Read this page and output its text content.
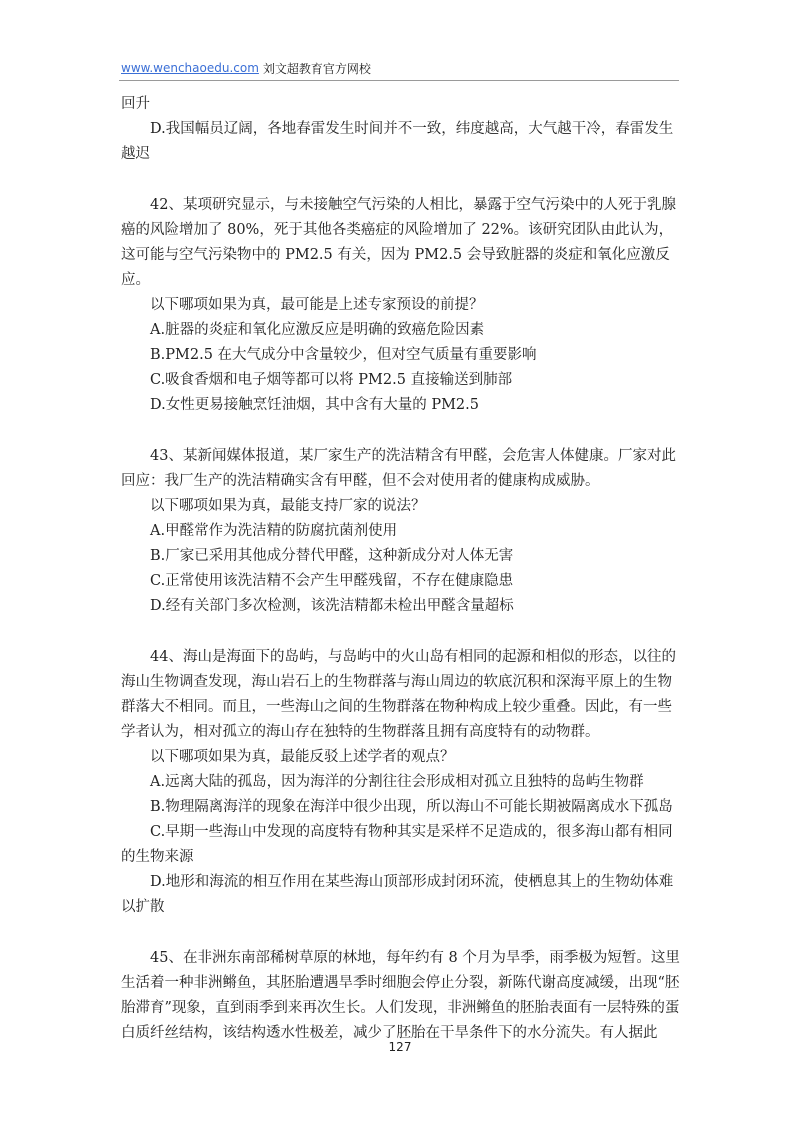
www.wenchaoedu.com 刘文超教育官方网校

回升

D.我国幅员辽阔，各地春雷发生时间并不一致，纬度越高，大气越干冷，春雷发生越迟

42、某项研究显示，与未接触空气污染的人相比，暴露于空气污染中的人死于乳腺癌的风险增加了 80%，死于其他各类癌症的风险增加了 22%。该研究团队由此认为，这可能与空气污染物中的 PM2.5 有关，因为 PM2.5 会导致脏器的炎症和氧化应激反应。

以下哪项如果为真，最可能是上述专家预设的前提？

A.脏器的炎症和氧化应激反应是明确的致癌危险因素

B.PM2.5 在大气成分中含量较少，但对空气质量有重要影响

C.吸食香烟和电子烟等都可以将 PM2.5 直接输送到肺部

D.女性更易接触烹饪油烟，其中含有大量的 PM2.5

43、某新闻媒体报道，某厂家生产的洗洁精含有甲醛，会危害人体健康。厂家对此回应：我厂生产的洗洁精确实含有甲醛，但不会对使用者的健康构成威胁。

以下哪项如果为真，最能支持厂家的说法？

A.甲醛常作为洗洁精的防腐抗菌剂使用

B.厂家已采用其他成分替代甲醛，这种新成分对人体无害

C.正常使用该洗洁精不会产生甲醛残留，不存在健康隐患

D.经有关部门多次检测，该洗洁精都未检出甲醛含量超标

44、海山是海面下的岛屿，与岛屿中的火山岛有相同的起源和相似的形态，以往的海山生物调查发现，海山岩石上的生物群落与海山周边的软底沉积和深海平原上的生物群落大不相同。而且，一些海山之间的生物群落在物种构成上较少重叠。因此，有一些学者认为，相对孤立的海山存在独特的生物群落且拥有高度特有的动物群。

以下哪项如果为真，最能反驳上述学者的观点？

A.远离大陆的孤岛，因为海洋的分割往往会形成相对孤立且独特的岛屿生物群

B.物理隔离海洋的现象在海洋中很少出现，所以海山不可能长期被隔离成水下孤岛

C.早期一些海山中发现的高度特有物种其实是采样不足造成的，很多海山都有相同的生物来源

D.地形和海流的相互作用在某些海山顶部形成封闭环流，使栖息其上的生物幼体难以扩散

45、在非洲东南部稀树草原的林地，每年约有 8 个月为旱季，雨季极为短暂。这里生活着一种非洲鳉鱼，其胚胎遭遇旱季时细胞会停止分裂，新陈代谢高度减缓，出现“胚胎滞育”现象，直到雨季到来再次生长。人们发现，非洲鳉鱼的胚胎表面有一层特殊的蛋白质纤丝结构，该结构透水性极差，减少了胚胎在干旱条件下的水分流失。有人据此

127
